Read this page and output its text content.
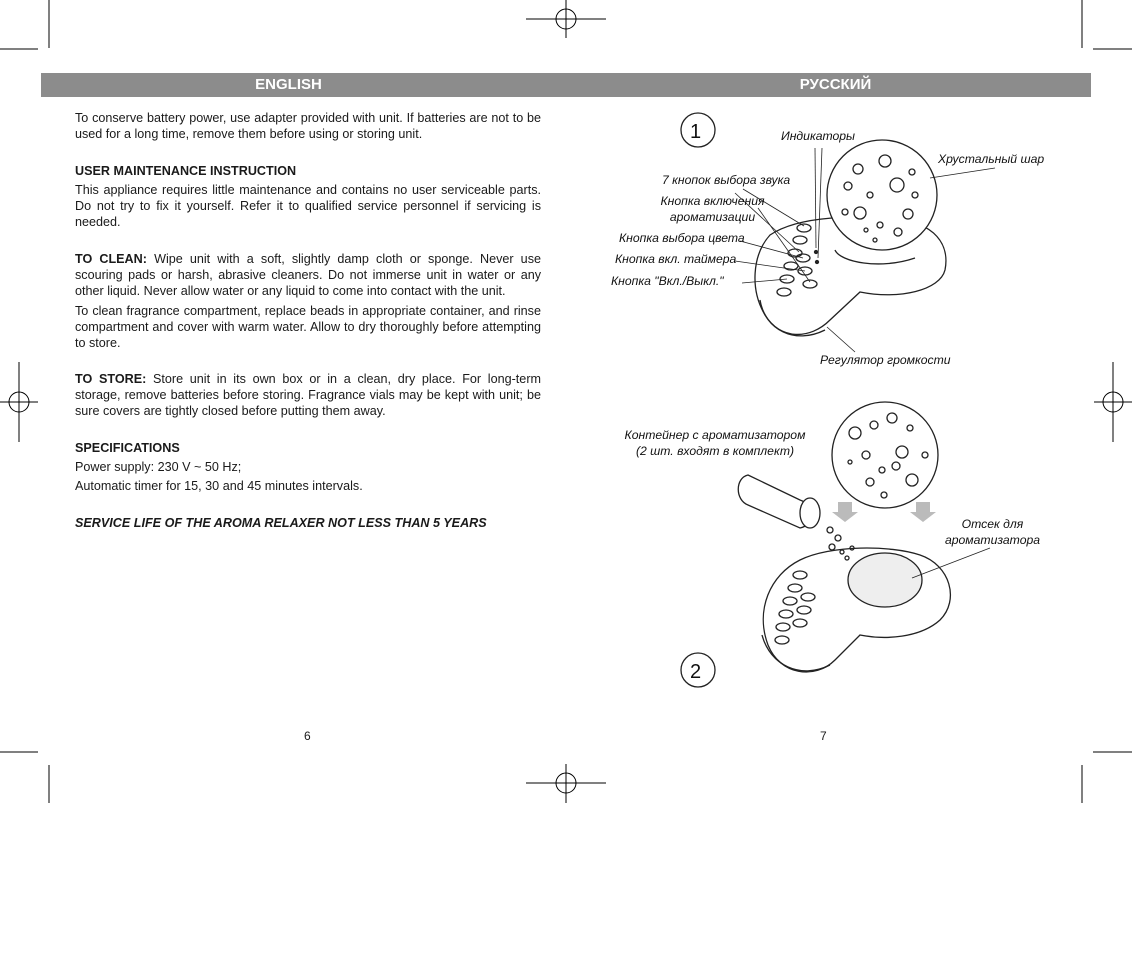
ENGLISH	РУССКИЙ

To conserve battery power, use adapter provided with unit. If batteries are not to be used for a long time, remove them before using or storing unit.

USER MAINTENANCE INSTRUCTION

This appliance requires little maintenance and contains no user serviceable parts. Do not try to fix it yourself. Refer it to qualified service personnel if servicing is needed.

TO CLEAN: Wipe unit with a soft, slightly damp cloth or sponge. Never use scouring pads or harsh, abrasive cleaners. Do not immerse unit in water or any other liquid. Never allow water or any liquid to come into contact with the unit.

To clean fragrance compartment, replace beads in appropriate container, and rinse compartment and cover with warm water. Allow to dry thoroughly before attempting to store.

TO STORE: Store unit in its own box or in a clean, dry place. For long-term storage, remove batteries before storing. Fragrance vials may be kept with unit; be sure covers are tightly closed before putting them away.

SPECIFICATIONS

Power supply: 230 V ~ 50 Hz;

Automatic timer for 15, 30 and 45 minutes intervals.

SERVICE LIFE OF THE AROMA RELAXER NOT LESS THAN 5 YEARS

6	7
1	Индикаторы
Хрустальный шар
7 кнопок выбора звука
Кнопка включения
ароматизации
Кнопка выбора цвета
Кнопка вкл. таймера
Кнопка "Вкл./Выкл."
Регулятор громкости
Контейнер с ароматизатором
(2 шт. входят в комплект)
Отсек для
ароматизатора
2
